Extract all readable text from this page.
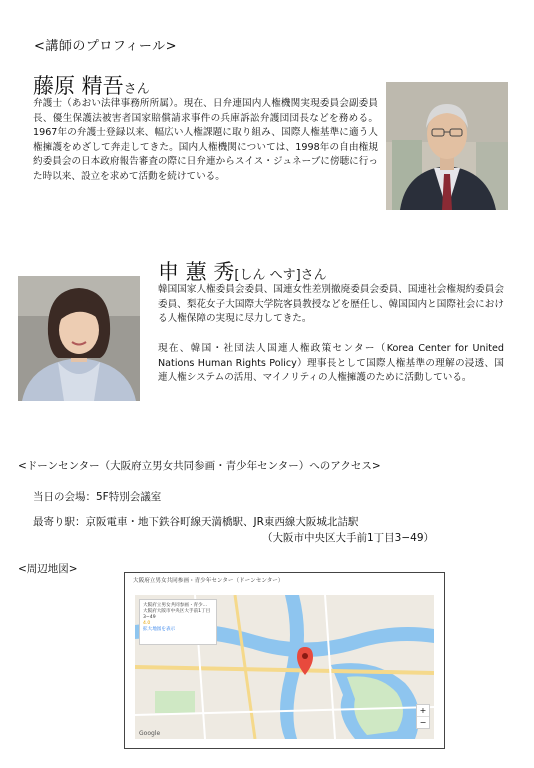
<講師のプロフィール>
藤原 精吾さん
弁護士（あおい法律事務所所属）。現在、日弁連国内人権機関実現委員会副委員長、優生保護法被害者国家賠償請求事件の兵庫訴訟弁護団団長などを務める。1967年の弁護士登録以来、幅広い人権課題に取り組み、国際人権基準に適う人権擁護をめざして奔走してきた。国内人権機関については、1998年の自由権規約委員会の日本政府報告審査の際に日弁連からスイス・ジュネーブに傍聴に行った時以来、設立を求めて活動を続けている。
申 蕙 秀[しん へす]さん
韓国国家人権委員会委員、国連女性差別撤廃委員会委員、国連社会権規約委員会委員、梨花女子大国際大学院客員教授などを歴任し、韓国国内と国際社会における人権保障の実現に尽力してきた。
現在、韓国・社団法人国連人権政策センター（Korea Center for United Nations Human Rights Policy）理事長として国際人権基準の理解の浸透、国連人権システムの活用、マイノリティの人権擁護のために活動している。
<ドーンセンター（大阪府立男女共同参画・青少年センター）へのアクセス>
当日の会場：5F特別会議室
最寄り駅：京阪電車・地下鉄谷町線天満橋駅、JR東西線大阪城北詰駅
（大阪市中央区大手前1丁目3−49）
<周辺地図>
大阪府立男女共同参画・青少年センター（ドーンセンター）
大阪府立男女共同参画・青少...
大阪府大阪市中央区大手前1丁目3−49
4.0
拡大地図を表示
+
−
Google
